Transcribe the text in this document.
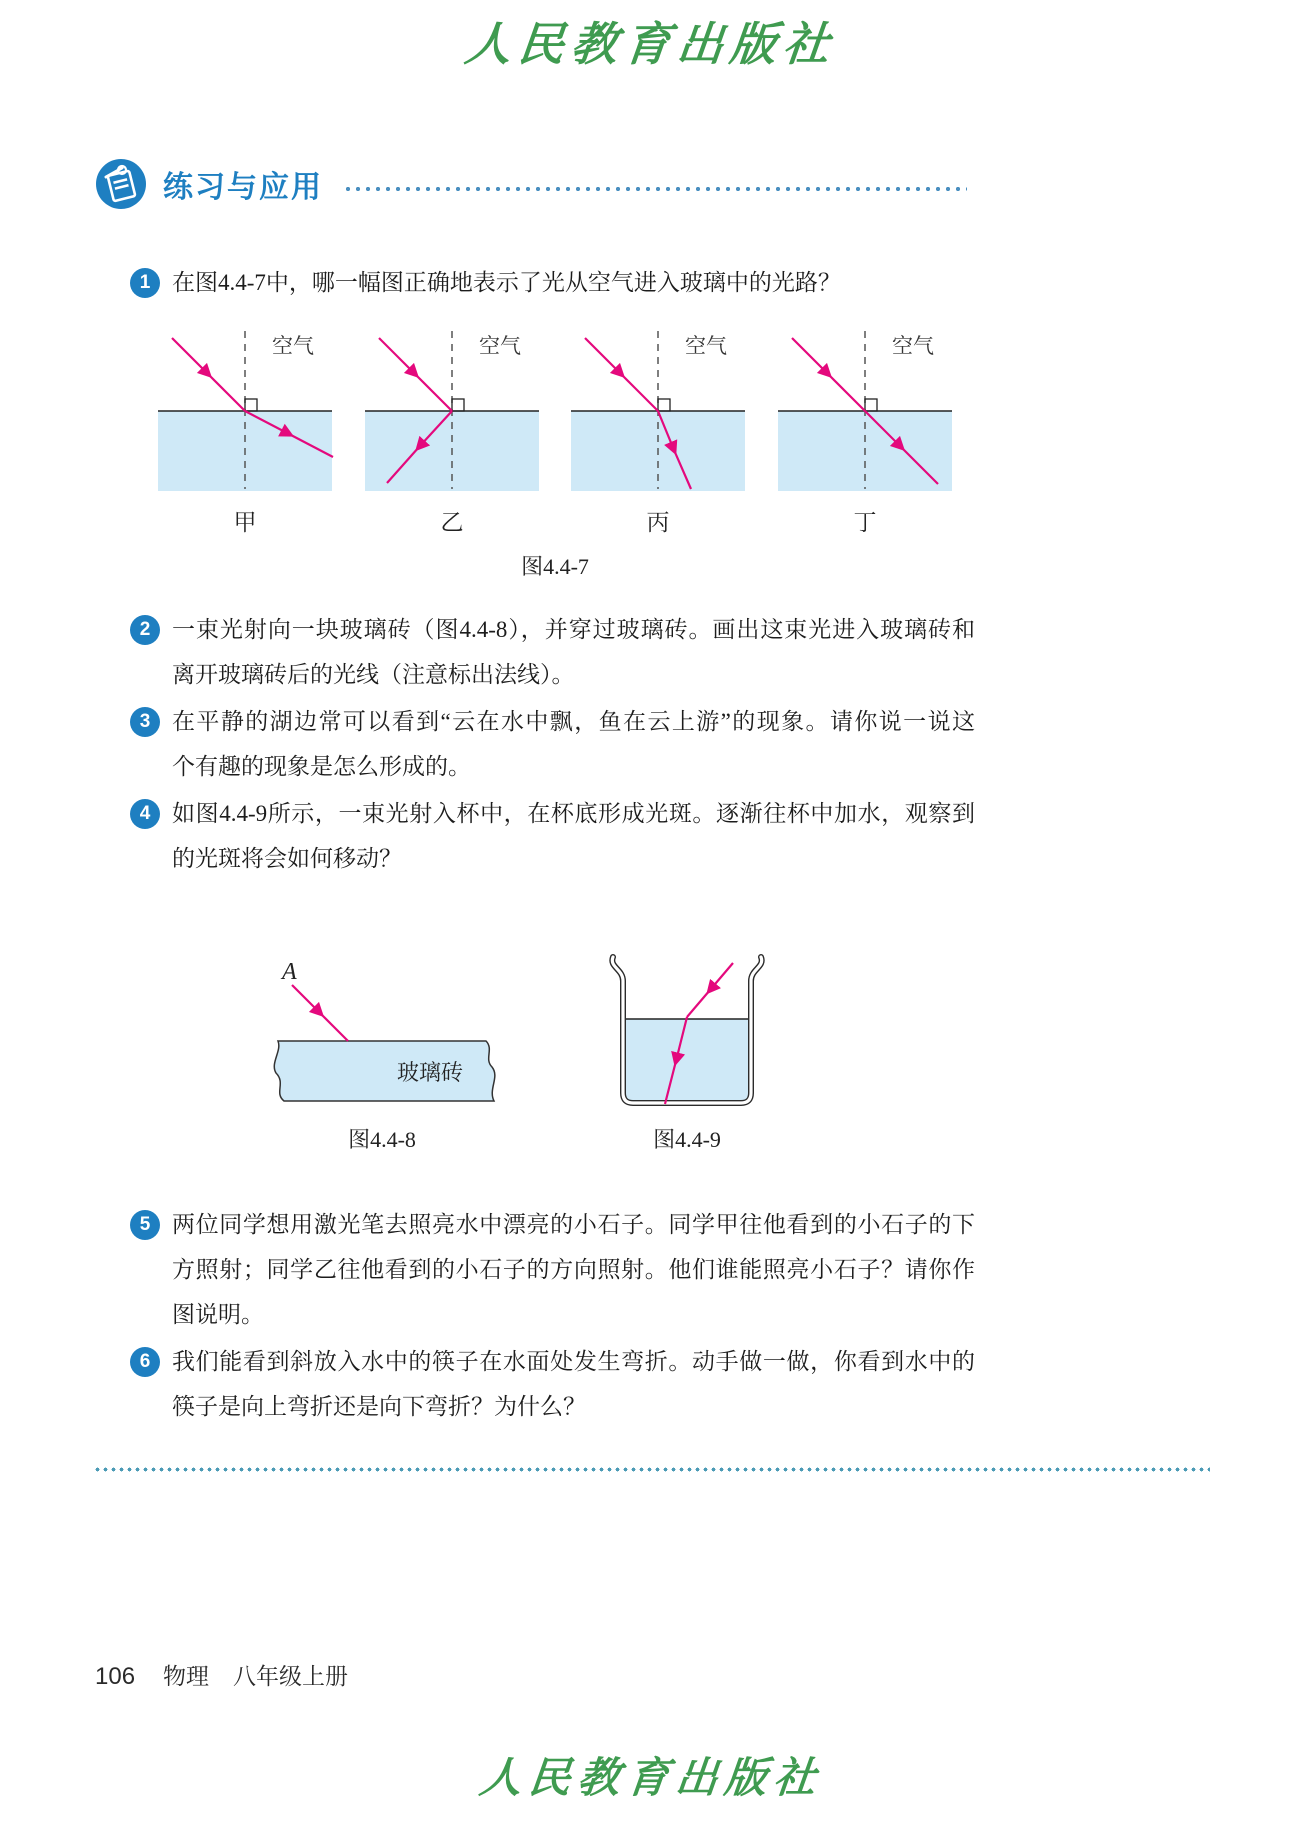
人民教育出版社
练习与应用
1 在图4.4-7中，哪一幅图正确地表示了光从空气进入玻璃中的光路？
空气
甲
空气
乙
空气
丙
空气
丁
图4.4-7
2 一束光射向一块玻璃砖（图4.4-8），并穿过玻璃砖。画出这束光进入玻璃砖和
离开玻璃砖后的光线（注意标出法线）。
3 在平静的湖边常可以看到“云在水中飘，鱼在云上游”的现象。请你说一说这
个有趣的现象是怎么形成的。
4 如图4.4-9所示，一束光射入杯中，在杯底形成光斑。逐渐往杯中加水，观察到
的光斑将会如何移动？
A
玻璃砖
图4.4-8	图4.4-9
5 两位同学想用激光笔去照亮水中漂亮的小石子。同学甲往他看到的小石子的下
方照射；同学乙往他看到的小石子的方向照射。他们谁能照亮小石子？请你作
图说明。
6 我们能看到斜放入水中的筷子在水面处发生弯折。动手做一做，你看到水中的
筷子是向上弯折还是向下弯折？为什么？
106 物理 八年级上册
人民教育出版社
